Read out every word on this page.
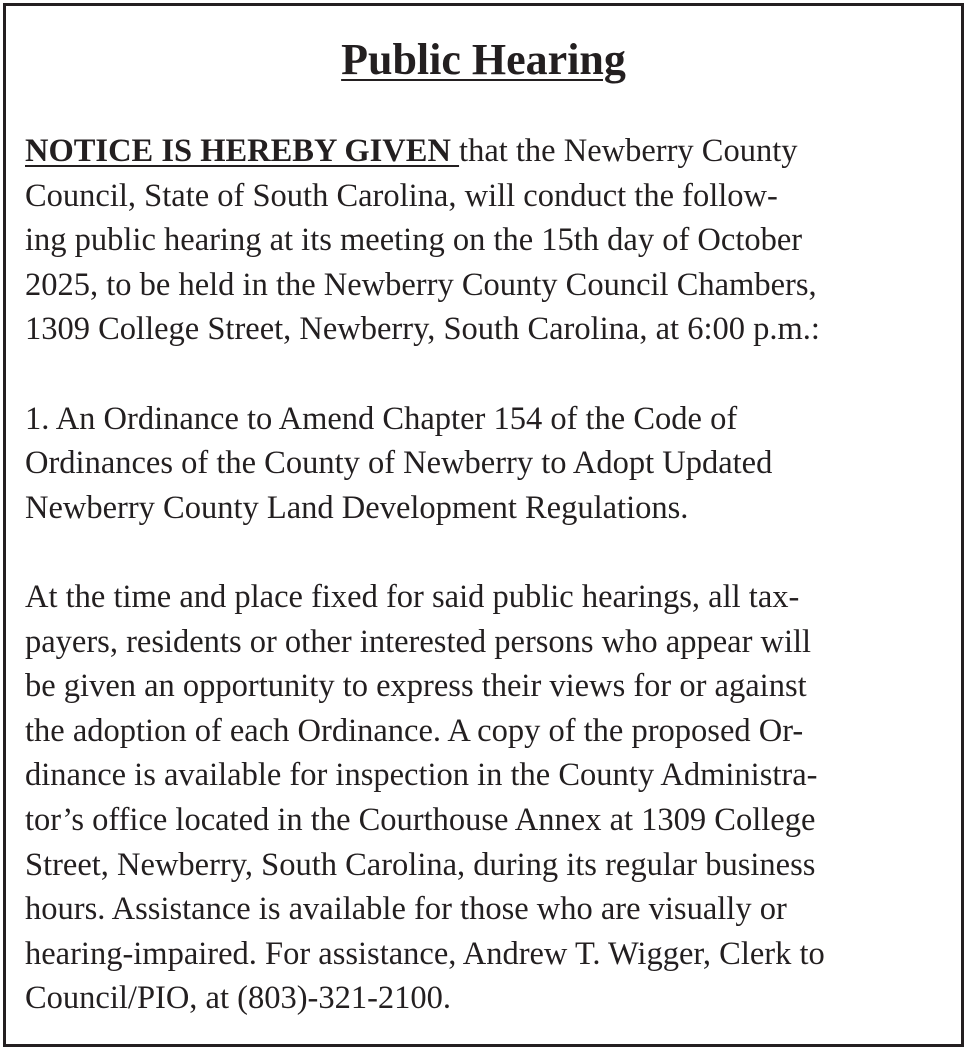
Public Hearing

NOTICE IS HEREBY GIVEN that the Newberry County
Council, State of South Carolina, will conduct the follow-
ing public hearing at its meeting on the 15th day of October
2025, to be held in the Newberry County Council Chambers,
1309 College Street, Newberry, South Carolina, at 6:00 p.m.:

1. An Ordinance to Amend Chapter 154 of the Code of
Ordinances of the County of Newberry to Adopt Updated
Newberry County Land Development Regulations.

At the time and place fixed for said public hearings, all tax-
payers, residents or other interested persons who appear will
be given an opportunity to express their views for or against
the adoption of each Ordinance. A copy of the proposed Or-
dinance is available for inspection in the County Administra-
tor’s office located in the Courthouse Annex at 1309 College
Street, Newberry, South Carolina, during its regular business
hours. Assistance is available for those who are visually or
hearing-impaired. For assistance, Andrew T. Wigger, Clerk to
Council/PIO, at (803)-321-2100.
